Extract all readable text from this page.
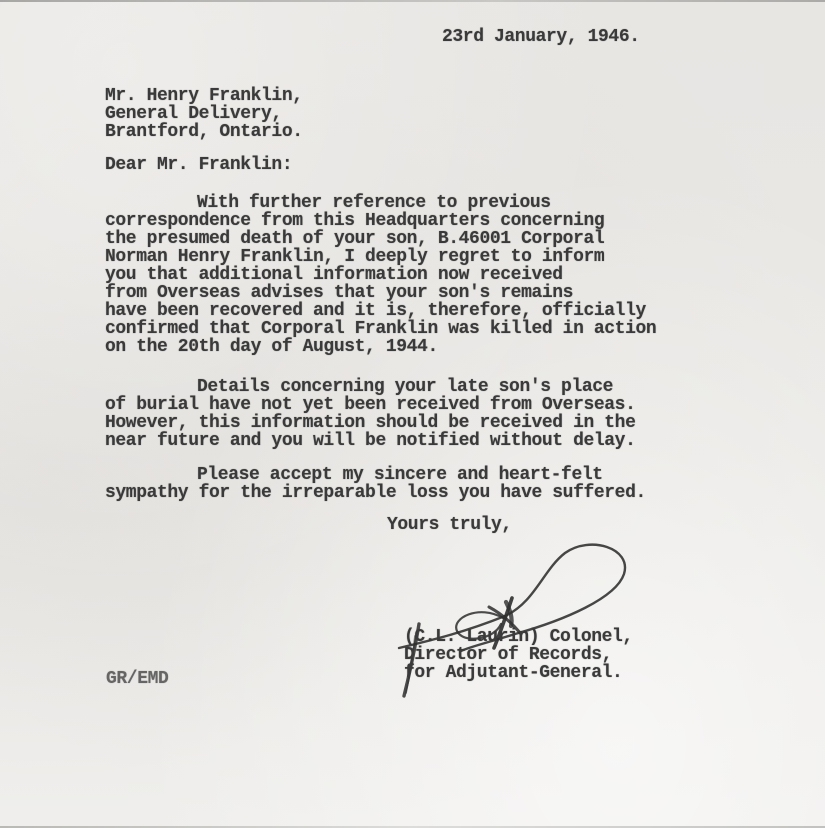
23rd January, 1946.
Mr. Henry Franklin,
General Delivery,
Brantford, Ontario.
Dear Mr. Franklin:
With further reference to previous
correspondence from this Headquarters concerning
the presumed death of your son, B.46001 Corporal
Norman Henry Franklin, I deeply regret to inform
you that additional information now received
from Overseas advises that your son's remains
have been recovered and it is, therefore, officially
confirmed that Corporal Franklin was killed in action
on the 20th day of August, 1944.
Details concerning your late son's place
of burial have not yet been received from Overseas.
However, this information should be received in the
near future and you will be notified without delay.
Please accept my sincere and heart-felt
sympathy for the irreparable loss you have suffered.
Yours truly,
(C.L. Laurin) Colonel,
Director of Records,
for Adjutant-General.
GR/EMD
